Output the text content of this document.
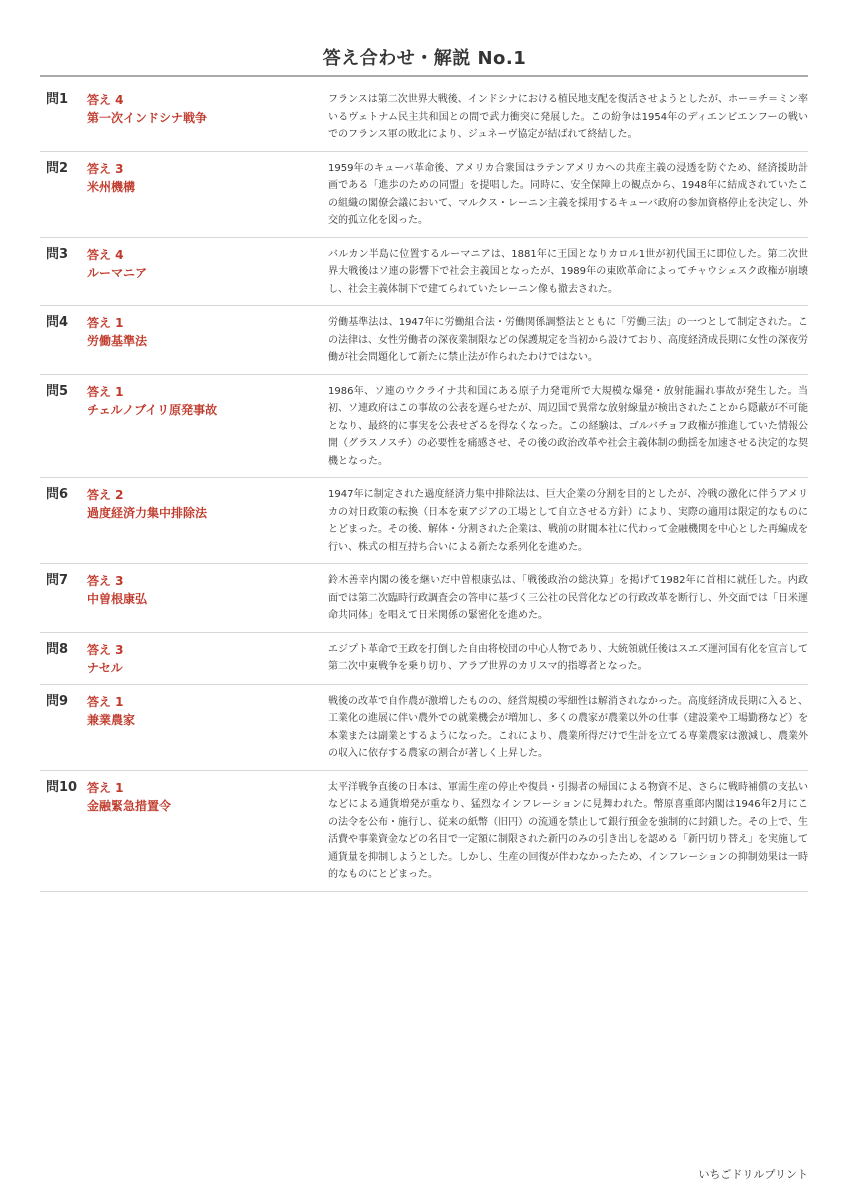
答え合わせ・解説 No.1
問1	答え 4
第一次インドシナ戦争
フランスは第二次世界大戦後、インドシナにおける植民地支配を復活させようとしたが、ホー＝チ＝ミン率いるヴェトナム民主共和国との間で武力衝突に発展した。この紛争は1954年のディエンビエンフーの戦いでのフランス軍の敗北により、ジュネーヴ協定が結ばれて終結した。
問2	答え 3
米州機構
1959年のキューバ革命後、アメリカ合衆国はラテンアメリカへの共産主義の浸透を防ぐため、経済援助計画である「進歩のための同盟」を提唱した。同時に、安全保障上の観点から、1948年に結成されていたこの組織の閣僚会議において、マルクス・レーニン主義を採用するキューバ政府の参加資格停止を決定し、外交的孤立化を図った。
問3	答え 4
ルーマニア
バルカン半島に位置するルーマニアは、1881年に王国となりカロル1世が初代国王に即位した。第二次世界大戦後はソ連の影響下で社会主義国となったが、1989年の東欧革命によってチャウシェスク政権が崩壊し、社会主義体制下で建てられていたレーニン像も撤去された。
問4	答え 1
労働基準法
労働基準法は、1947年に労働組合法・労働関係調整法とともに「労働三法」の一つとして制定された。この法律は、女性労働者の深夜業制限などの保護規定を当初から設けており、高度経済成長期に女性の深夜労働が社会問題化して新たに禁止法が作られたわけではない。
問5	答え 1
チェルノブイリ原発事故
1986年、ソ連のウクライナ共和国にある原子力発電所で大規模な爆発・放射能漏れ事故が発生した。当初、ソ連政府はこの事故の公表を遅らせたが、周辺国で異常な放射線量が検出されたことから隠蔽が不可能となり、最終的に事実を公表せざるを得なくなった。この経験は、ゴルバチョフ政権が推進していた情報公開（グラスノスチ）の必要性を痛感させ、その後の政治改革や社会主義体制の動揺を加速させる決定的な契機となった。
問6	答え 2
過度経済力集中排除法
1947年に制定された過度経済力集中排除法は、巨大企業の分割を目的としたが、冷戦の激化に伴うアメリカの対日政策の転換（日本を東アジアの工場として自立させる方針）により、実際の適用は限定的なものにとどまった。その後、解体・分割された企業は、戦前の財閥本社に代わって金融機関を中心とした再編成を行い、株式の相互持ち合いによる新たな系列化を進めた。
問7	答え 3
中曽根康弘
鈴木善幸内閣の後を継いだ中曽根康弘は、「戦後政治の総決算」を掲げて1982年に首相に就任した。内政面では第二次臨時行政調査会の答申に基づく三公社の民営化などの行政改革を断行し、外交面では「日米運命共同体」を唱えて日米関係の緊密化を進めた。
問8	答え 3
ナセル
エジプト革命で王政を打倒した自由将校団の中心人物であり、大統領就任後はスエズ運河国有化を宣言して第二次中東戦争を乗り切り、アラブ世界のカリスマ的指導者となった。
問9	答え 1
兼業農家
戦後の改革で自作農が激増したものの、経営規模の零細性は解消されなかった。高度経済成長期に入ると、工業化の進展に伴い農外での就業機会が増加し、多くの農家が農業以外の仕事（建設業や工場勤務など）を本業または副業とするようになった。これにより、農業所得だけで生計を立てる専業農家は激減し、農業外の収入に依存する農家の割合が著しく上昇した。
問10 答え 1
金融緊急措置令
太平洋戦争直後の日本は、軍需生産の停止や復員・引揚者の帰国による物資不足、さらに戦時補償の支払いなどによる通貨増発が重なり、猛烈なインフレーションに見舞われた。幣原喜重郎内閣は1946年2月にこの法令を公布・施行し、従来の紙幣（旧円）の流通を禁止して銀行預金を強制的に封鎖した。その上で、生活費や事業資金などの名目で一定額に制限された新円のみの引き出しを認める「新円切り替え」を実施して通貨量を抑制しようとした。しかし、生産の回復が伴わなかったため、インフレーションの抑制効果は一時的なものにとどまった。
いちごドリルプリント
